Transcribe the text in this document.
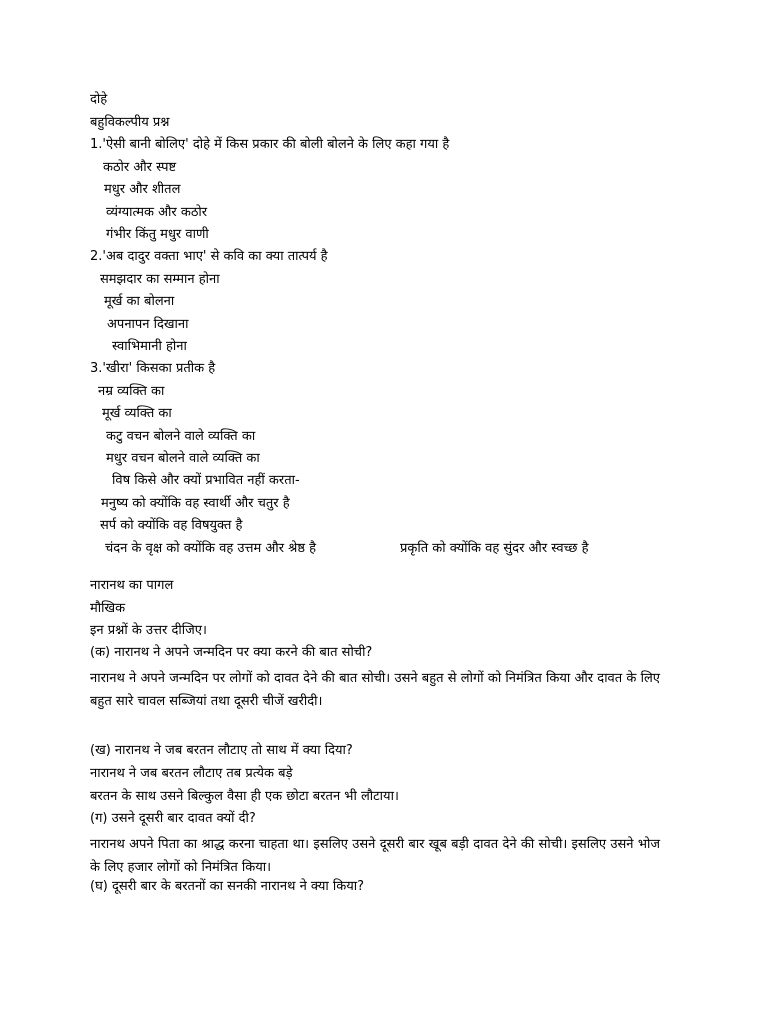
दोहे
बहुविकल्पीय प्रश्न
1.'ऐसी बानी बोलिए' दोहे में किस प्रकार की बोली बोलने के लिए कहा गया है
कठोर और स्पष्ट
मधुर और शीतल
व्यंग्यात्मक और कठोर
गंभीर किंतु मधुर वाणी
2.'अब दादुर वक्ता भाए' से कवि का क्या तात्पर्य है
समझदार का सम्मान होना
मूर्ख का बोलना
अपनापन दिखाना
स्वाभिमानी होना
3.'खीरा' किसका प्रतीक है
नम्र व्यक्ति का
मूर्ख व्यक्ति का
कटु वचन बोलने वाले व्यक्ति का
मधुर वचन बोलने वाले व्यक्ति का
विष किसे और क्यों प्रभावित नहीं करता-
मनुष्य को क्योंकि वह स्वार्थी और चतुर है
सर्प को क्योंकि वह विषयुक्त है
चंदन के वृक्ष को क्योंकि वह उत्तम और श्रेष्ठ है	प्रकृति को क्योंकि वह सुंदर और स्वच्छ है
नारानथ का पागल
मौखिक
इन प्रश्नों के उत्तर दीजिए।
(क) नारानथ ने अपने जन्मदिन पर क्या करने की बात सोची?
नारानथ ने अपने जन्मदिन पर लोगों को दावत देने की बात सोची। उसने बहुत से लोगों को निमंत्रित किया और दावत के लिए बहुत सारे चावल सब्जियां तथा दूसरी चीजें खरीदी।
(ख) नारानथ ने जब बरतन लौटाए तो साथ में क्या दिया?
नारानथ ने जब बरतन लौटाए तब प्रत्येक बड़े
बरतन के साथ उसने बिल्कुल वैसा ही एक छोटा बरतन भी लौटाया।
(ग) उसने दूसरी बार दावत क्यों दी?
नारानथ अपने पिता का श्राद्ध करना चाहता था। इसलिए उसने दूसरी बार खूब बड़ी दावत देने की सोची। इसलिए उसने भोज के लिए हजार लोगों को निमंत्रित किया।
(घ) दूसरी बार के बरतनों का सनकी नारानथ ने क्या किया?
